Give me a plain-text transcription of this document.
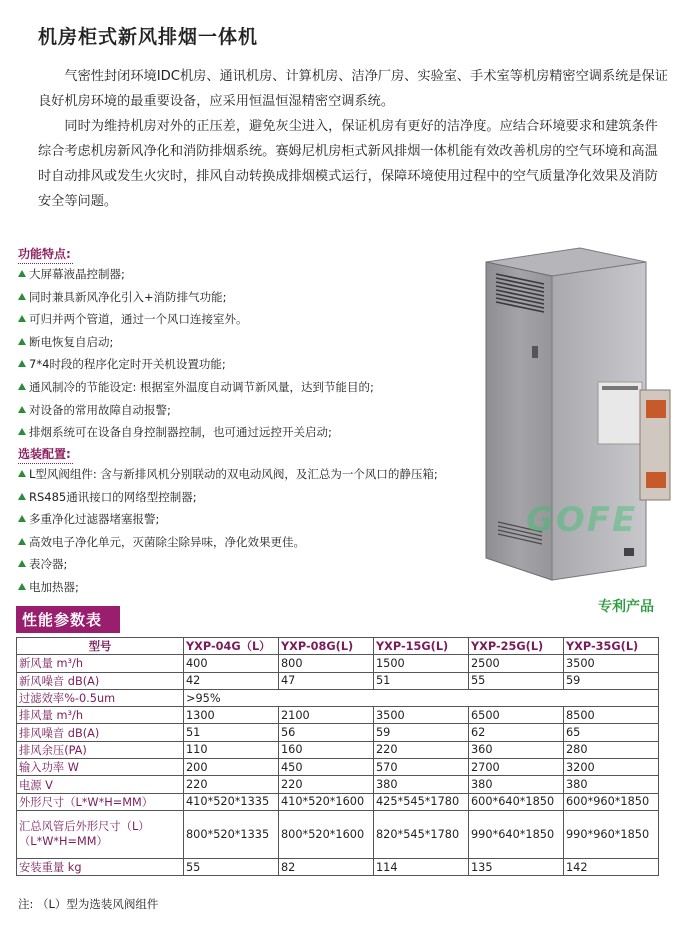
机房柜式新风排烟一体机

气密性封闭环境IDC机房、通讯机房、计算机房、洁净厂房、实验室、手术室等机房精密空调系统是保证良好机房环境的最重要设备，应采用恒温恒湿精密空调系统。

同时为维持机房对外的正压差，避免灰尘进入，保证机房有更好的洁净度。应结合环境要求和建筑条件综合考虑机房新风净化和消防排烟系统。赛姆尼机房柜式新风排烟一体机能有效改善机房的空气环境和高温时自动排风或发生火灾时，排风自动转换成排烟模式运行，保障环境使用过程中的空气质量净化效果及消防安全等问题。

功能特点:
大屏幕液晶控制器;
同时兼具新风净化引入+消防排气功能;
可归并两个管道，通过一个风口连接室外。
断电恢复自启动;
7*4时段的程序化定时开关机设置功能;
通风制冷的节能设定: 根据室外温度自动调节新风量，达到节能目的;
对设备的常用故障自动报警;
排烟系统可在设备自身控制器控制，也可通过远控开关启动;
选装配置:
L型风阀组件: 含与新排风机分别联动的双电动风阀，及汇总为一个风口的静压箱;
RS485通讯接口的网络型控制器;
多重净化过滤器堵塞报警;
高效电子净化单元，灭菌除尘除异味，净化效果更佳。
表冷器;
电加热器;
GOFE
专利产品
性能参数表
型号	YXP-04G（L）	YXP-08G(L)	YXP-15G(L)	YXP-25G(L)	YXP-35G(L)
新风量 m³/h	400	800	1500	2500	3500
新风噪音 dB(A)	42	47	51	55	59
过滤效率%-0.5um	>95%				
排风量 m³/h	1300	2100	3500	6500	8500
排风噪音 dB(A)	51	56	59	62	65
排风余压(PA)	110	160	220	360	280
输入功率 W	200	450	570	2700	3200
电源 V	220	220	380	380	380
外形尺寸（L*W*H=MM）	410*520*1335	410*520*1600	425*545*1780	600*640*1850	600*960*1850
汇总风管后外形尺寸（L）（L*W*H=MM）	800*520*1335	800*520*1600	820*545*1780	990*640*1850	990*960*1850
安装重量 kg	55	82	114	135	142
注: （L）型为选装风阀组件
